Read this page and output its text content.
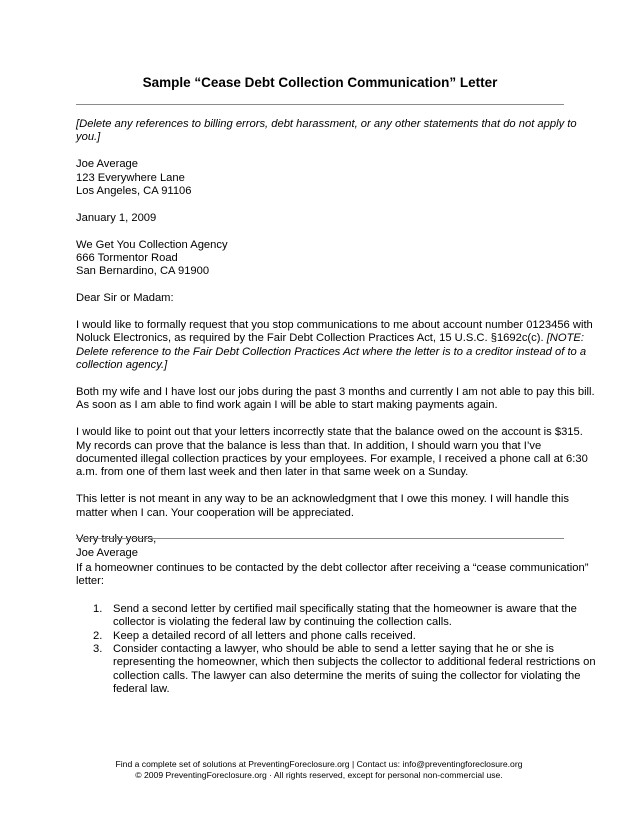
Sample “Cease Debt Collection Communication” Letter

[Delete any references to billing errors, debt harassment, or any other statements that do not apply to
you.]

Joe Average
123 Everywhere Lane
Los Angeles, CA 91106

January 1, 2009

We Get You Collection Agency
666 Tormentor Road
San Bernardino, CA 91900

Dear Sir or Madam:

I would like to formally request that you stop communications to me about account number 0123456 with
Noluck Electronics, as required by the Fair Debt Collection Practices Act, 15 U.S.C. §1692c(c). [NOTE:
Delete reference to the Fair Debt Collection Practices Act where the letter is to a creditor instead of to a
collection agency.]

Both my wife and I have lost our jobs during the past 3 months and currently I am not able to pay this bill.
As soon as I am able to find work again I will be able to start making payments again.

I would like to point out that your letters incorrectly state that the balance owed on the account is $315.
My records can prove that the balance is less than that. In addition, I should warn you that I’ve
documented illegal collection practices by your employees. For example, I received a phone call at 6:30
a.m. from one of them last week and then later in that same week on a Sunday.

This letter is not meant in any way to be an acknowledgment that I owe this money. I will handle this
matter when I can. Your cooperation will be appreciated.

Very truly yours,
Joe Average

If a homeowner continues to be contacted by the debt collector after receiving a “cease communication”
letter:

1. Send a second letter by certified mail specifically stating that the homeowner is aware that the
collector is violating the federal law by continuing the collection calls.
2. Keep a detailed record of all letters and phone calls received.
3. Consider contacting a lawyer, who should be able to send a letter saying that he or she is
representing the homeowner, which then subjects the collector to additional federal restrictions on
collection calls. The lawyer can also determine the merits of suing the collector for violating the
federal law.
Find a complete set of solutions at PreventingForeclosure.org | Contact us: info@preventingforeclosure.org
© 2009 PreventingForeclosure.org · All rights reserved, except for personal non-commercial use.
